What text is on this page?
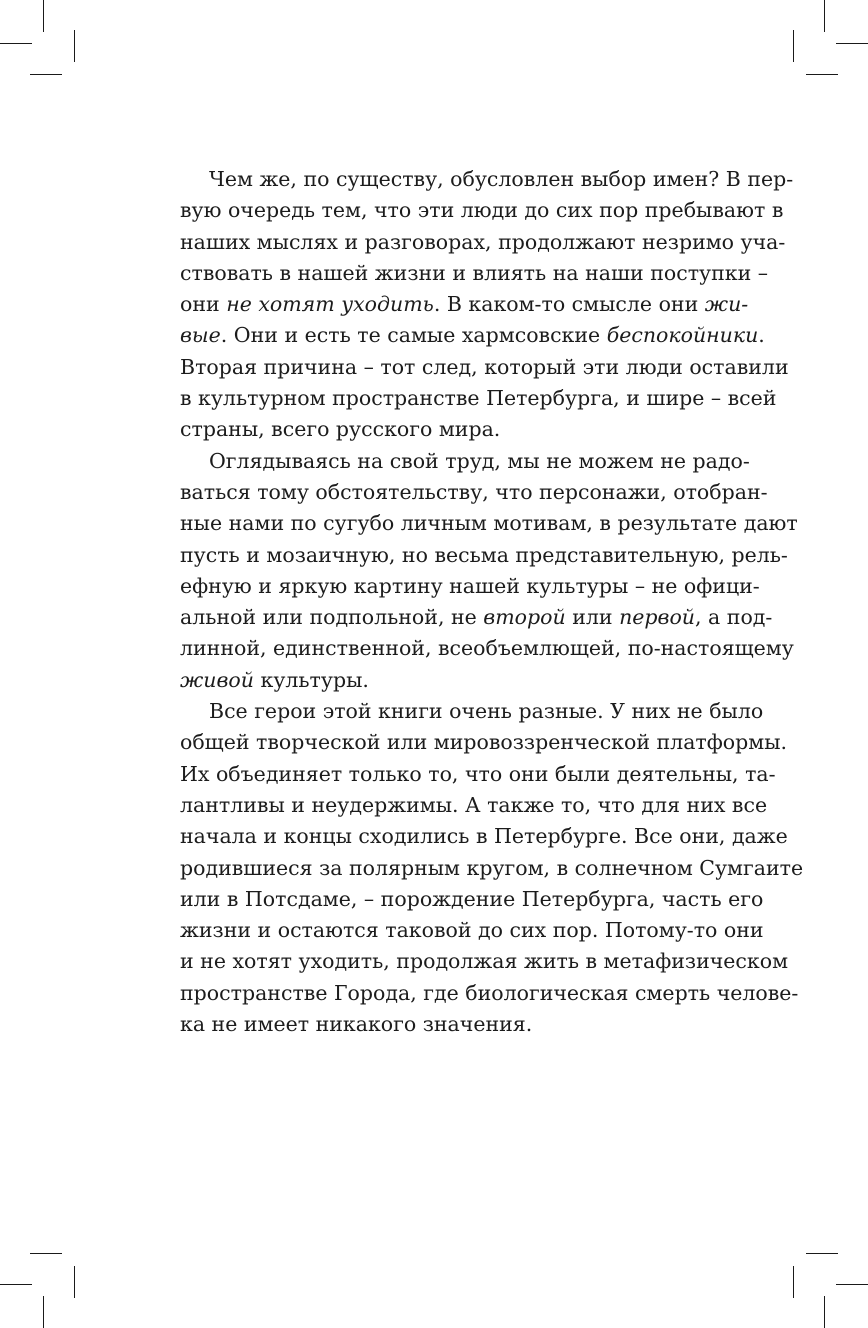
Чем же, по существу, обусловлен выбор имен? В пер-
вую очередь тем, что эти люди до сих пор пребывают в
наших мыслях и разговорах, продолжают незримо уча-
ствовать в нашей жизни и влиять на наши поступки –
они не хотят уходить. В каком-то смысле они жи-
вые. Они и есть те самые хармсовские беспокойники.
Вторая причина – тот след, который эти люди оставили
в культурном пространстве Петербурга, и шире – всей
страны, всего русского мира.
Оглядываясь на свой труд, мы не можем не радо-
ваться тому обстоятельству, что персонажи, отобран-
ные нами по сугубо личным мотивам, в результате дают
пусть и мозаичную, но весьма представительную, рель-
ефную и яркую картину нашей культуры – не офици-
альной или подпольной, не второй или первой, а под-
линной, единственной, всеобъемлющей, по-настоящему
живой культуры.
Все герои этой книги очень разные. У них не было
общей творческой или мировоззренческой платформы.
Их объединяет только то, что они были деятельны, та-
лантливы и неудержимы. А также то, что для них все
начала и концы сходились в Петербурге. Все они, даже
родившиеся за полярным кругом, в солнечном Сумгаите
или в Потсдаме, – порождение Петербурга, часть его
жизни и остаются таковой до сих пор. Потому-то они
и не хотят уходить, продолжая жить в метафизическом
пространстве Города, где биологическая смерть челове-
ка не имеет никакого значения.
